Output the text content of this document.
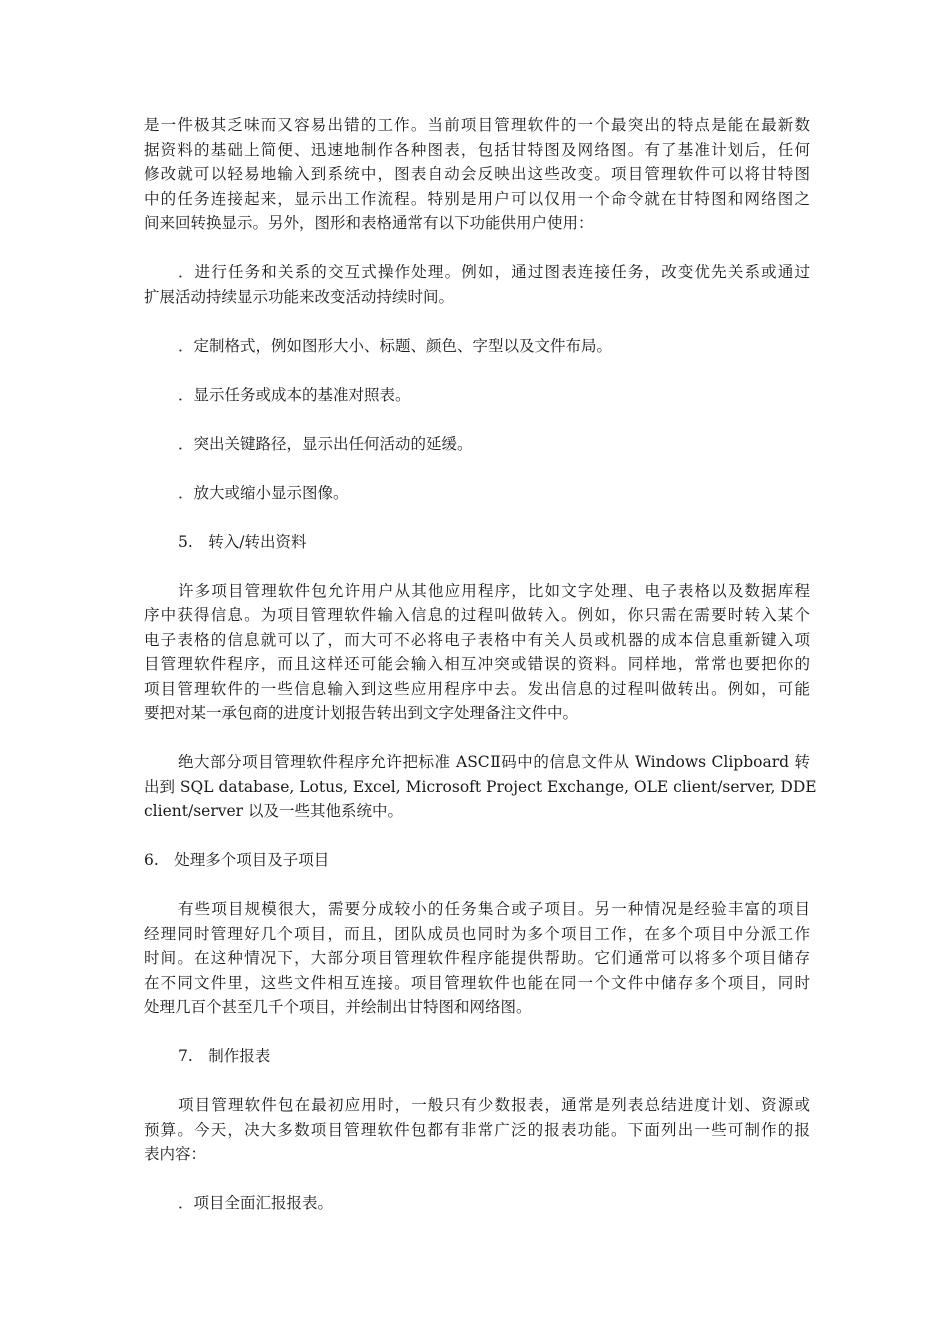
是一件极其乏味而又容易出错的工作。当前项目管理软件的一个最突出的特点是能在最新数
据资料的基础上简便、迅速地制作各种图表，包括甘特图及网络图。有了基准计划后，任何
修改就可以轻易地输入到系统中，图表自动会反映出这些改变。项目管理软件可以将甘特图
中的任务连接起来，显示出工作流程。特别是用户可以仅用一个命令就在甘特图和网络图之
间来回转换显示。另外，图形和表格通常有以下功能供用户使用：

．进行任务和关系的交互式操作处理。例如，通过图表连接任务，改变优先关系或通过
扩展活动持续显示功能来改变活动持续时间。

．定制格式，例如图形大小、标题、颜色、字型以及文件布局。

．显示任务或成本的基准对照表。

．突出关键路径，显示出任何活动的延缓。

．放大或缩小显示图像。

5.　转入/转出资料

许多项目管理软件包允许用户从其他应用程序，比如文字处理、电子表格以及数据库程
序中获得信息。为项目管理软件输入信息的过程叫做转入。例如，你只需在需要时转入某个
电子表格的信息就可以了，而大可不必将电子表格中有关人员或机器的成本信息重新键入项
目管理软件程序，而且这样还可能会输入相互冲突或错误的资料。同样地，常常也要把你的
项目管理软件的一些信息输入到这些应用程序中去。发出信息的过程叫做转出。例如，可能
要把对某一承包商的进度计划报告转出到文字处理备注文件中。

绝大部分项目管理软件程序允许把标准 ASCⅡ码中的信息文件从 Windows Clipboard 转
出到 SQL database, Lotus, Excel, Microsoft Project Exchange, OLE client/server, DDE
client/server 以及一些其他系统中。

6.　处理多个项目及子项目

有些项目规模很大，需要分成较小的任务集合或子项目。另一种情况是经验丰富的项目
经理同时管理好几个项目，而且，团队成员也同时为多个项目工作，在多个项目中分派工作
时间。在这种情况下，大部分项目管理软件程序能提供帮助。它们通常可以将多个项目储存
在不同文件里，这些文件相互连接。项目管理软件也能在同一个文件中储存多个项目，同时
处理几百个甚至几千个项目，并绘制出甘特图和网络图。

7.　制作报表

项目管理软件包在最初应用时，一般只有少数报表，通常是列表总结进度计划、资源或
预算。今天，决大多数项目管理软件包都有非常广泛的报表功能。下面列出一些可制作的报
表内容：

．项目全面汇报报表。
